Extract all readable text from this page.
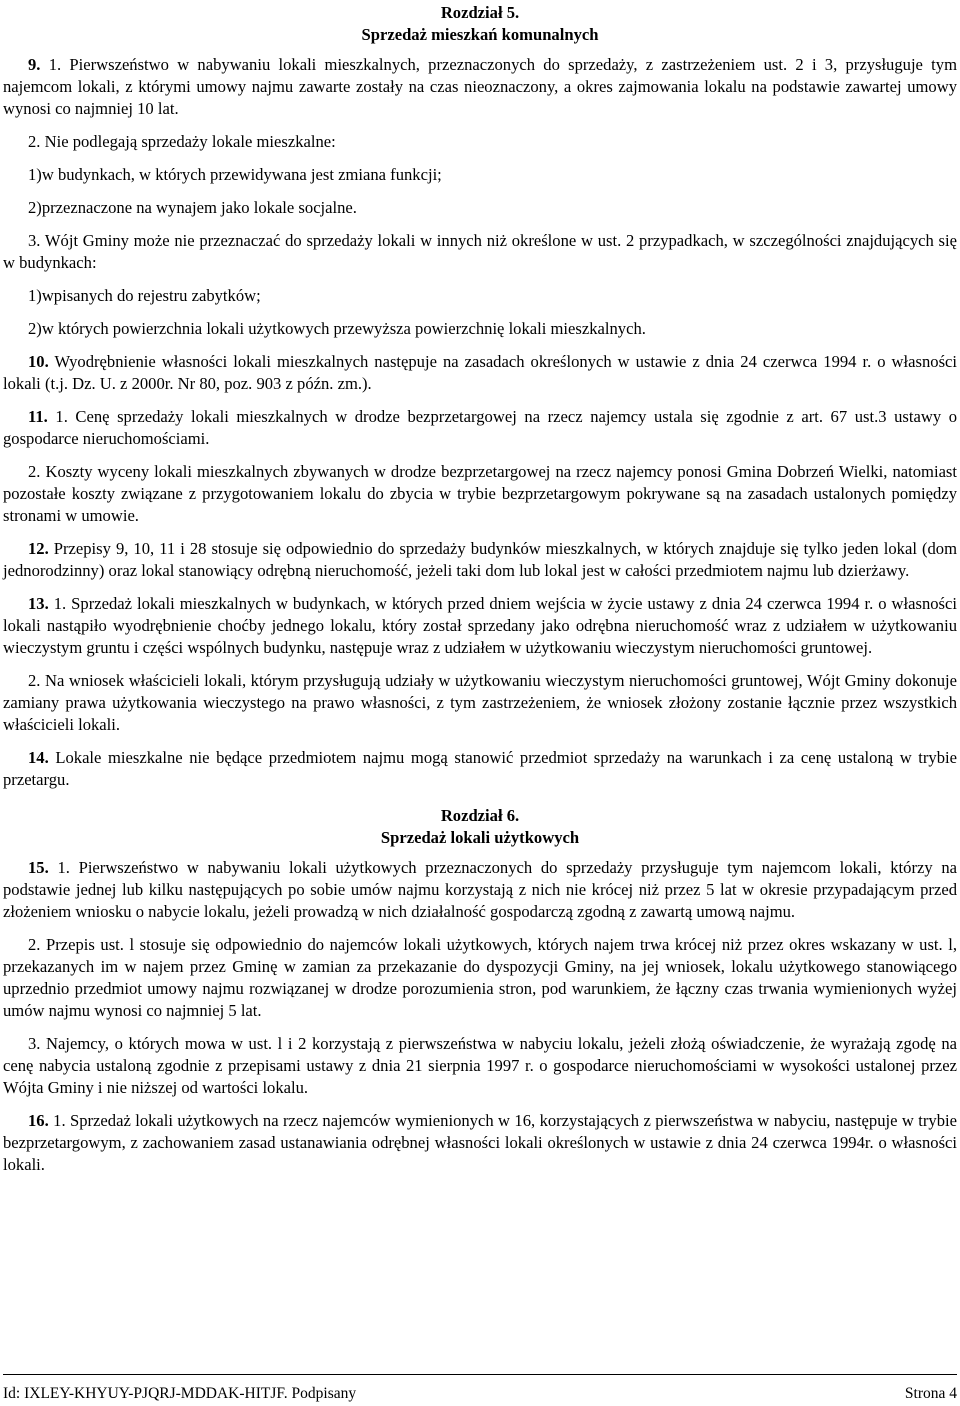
Rozdział 5.
Sprzedaż mieszkań komunalnych

9. 1. Pierwszeństwo w nabywaniu lokali mieszkalnych, przeznaczonych do sprzedaży, z zastrzeżeniem ust. 2 i 3, przysługuje tym najemcom lokali, z którymi umowy najmu zawarte zostały na czas nieoznaczony, a okres zajmowania lokalu na podstawie zawartej umowy wynosi co najmniej 10 lat.

2. Nie podlegają sprzedaży lokale mieszkalne:

1)w budynkach, w których przewidywana jest zmiana funkcji;

2)przeznaczone na wynajem jako lokale socjalne.

3. Wójt Gminy może nie przeznaczać do sprzedaży lokali w innych niż określone w ust. 2 przypadkach, w szczególności znajdujących się w budynkach:

1)wpisanych do rejestru zabytków;

2)w których powierzchnia lokali użytkowych przewyższa powierzchnię lokali mieszkalnych.

10. Wyodrębnienie własności lokali mieszkalnych następuje na zasadach określonych w ustawie z dnia 24 czerwca 1994 r. o własności lokali (t.j. Dz. U. z 2000r. Nr 80, poz. 903 z późn. zm.).

11. 1. Cenę sprzedaży lokali mieszkalnych w drodze bezprzetargowej na rzecz najemcy ustala się zgodnie z art. 67 ust.3 ustawy o gospodarce nieruchomościami.

2. Koszty wyceny lokali mieszkalnych zbywanych w drodze bezprzetargowej na rzecz najemcy ponosi Gmina Dobrzeń Wielki, natomiast pozostałe koszty związane z przygotowaniem lokalu do zbycia w trybie bezprzetargowym pokrywane są na zasadach ustalonych pomiędzy stronami w umowie.

12. Przepisy 9, 10, 11 i 28 stosuje się odpowiednio do sprzedaży budynków mieszkalnych, w których znajduje się tylko jeden lokal (dom jednorodzinny) oraz lokal stanowiący odrębną nieruchomość, jeżeli taki dom lub lokal jest w całości przedmiotem najmu lub dzierżawy.

13. 1. Sprzedaż lokali mieszkalnych w budynkach, w których przed dniem wejścia w życie ustawy z dnia 24 czerwca 1994 r. o własności lokali nastąpiło wyodrębnienie choćby jednego lokalu, który został sprzedany jako odrębna nieruchomość wraz z udziałem w użytkowaniu wieczystym gruntu i części wspólnych budynku, następuje wraz z udziałem w użytkowaniu wieczystym nieruchomości gruntowej.

2. Na wniosek właścicieli lokali, którym przysługują udziały w użytkowaniu wieczystym nieruchomości gruntowej, Wójt Gminy dokonuje zamiany prawa użytkowania wieczystego na prawo własności, z tym zastrzeżeniem, że wniosek złożony zostanie łącznie przez wszystkich właścicieli lokali.

14. Lokale mieszkalne nie będące przedmiotem najmu mogą stanowić przedmiot sprzedaży na warunkach i za cenę ustaloną w trybie przetargu.

Rozdział 6.
Sprzedaż lokali użytkowych

15. 1. Pierwszeństwo w nabywaniu lokali użytkowych przeznaczonych do sprzedaży przysługuje tym najemcom lokali, którzy na podstawie jednej lub kilku następujących po sobie umów najmu korzystają z nich nie krócej niż przez 5 lat w okresie przypadającym przed złożeniem wniosku o nabycie lokalu, jeżeli prowadzą w nich działalność gospodarczą zgodną z zawartą umową najmu.

2. Przepis ust. l stosuje się odpowiednio do najemców lokali użytkowych, których najem trwa krócej niż przez okres wskazany w ust. l, przekazanych im w najem przez Gminę w zamian za przekazanie do dyspozycji Gminy, na jej wniosek, lokalu użytkowego stanowiącego uprzednio przedmiot umowy najmu rozwiązanej w drodze porozumienia stron, pod warunkiem, że łączny czas trwania wymienionych wyżej umów najmu wynosi co najmniej 5 lat.

3. Najemcy, o których mowa w ust. l i 2 korzystają z pierwszeństwa w nabyciu lokalu, jeżeli złożą oświadczenie, że wyrażają zgodę na cenę nabycia ustaloną zgodnie z przepisami ustawy z dnia 21 sierpnia 1997 r. o gospodarce nieruchomościami w wysokości ustalonej przez Wójta Gminy i nie niższej od wartości lokalu.

16. 1. Sprzedaż lokali użytkowych na rzecz najemców wymienionych w 16, korzystających z pierwszeństwa w nabyciu, następuje w trybie bezprzetargowym, z zachowaniem zasad ustanawiania odrębnej własności lokali określonych w ustawie z dnia 24 czerwca 1994r. o własności lokali.

Id: IXLEY-KHYUY-PJQRJ-MDDAK-HITJF. Podpisany	Strona 4
